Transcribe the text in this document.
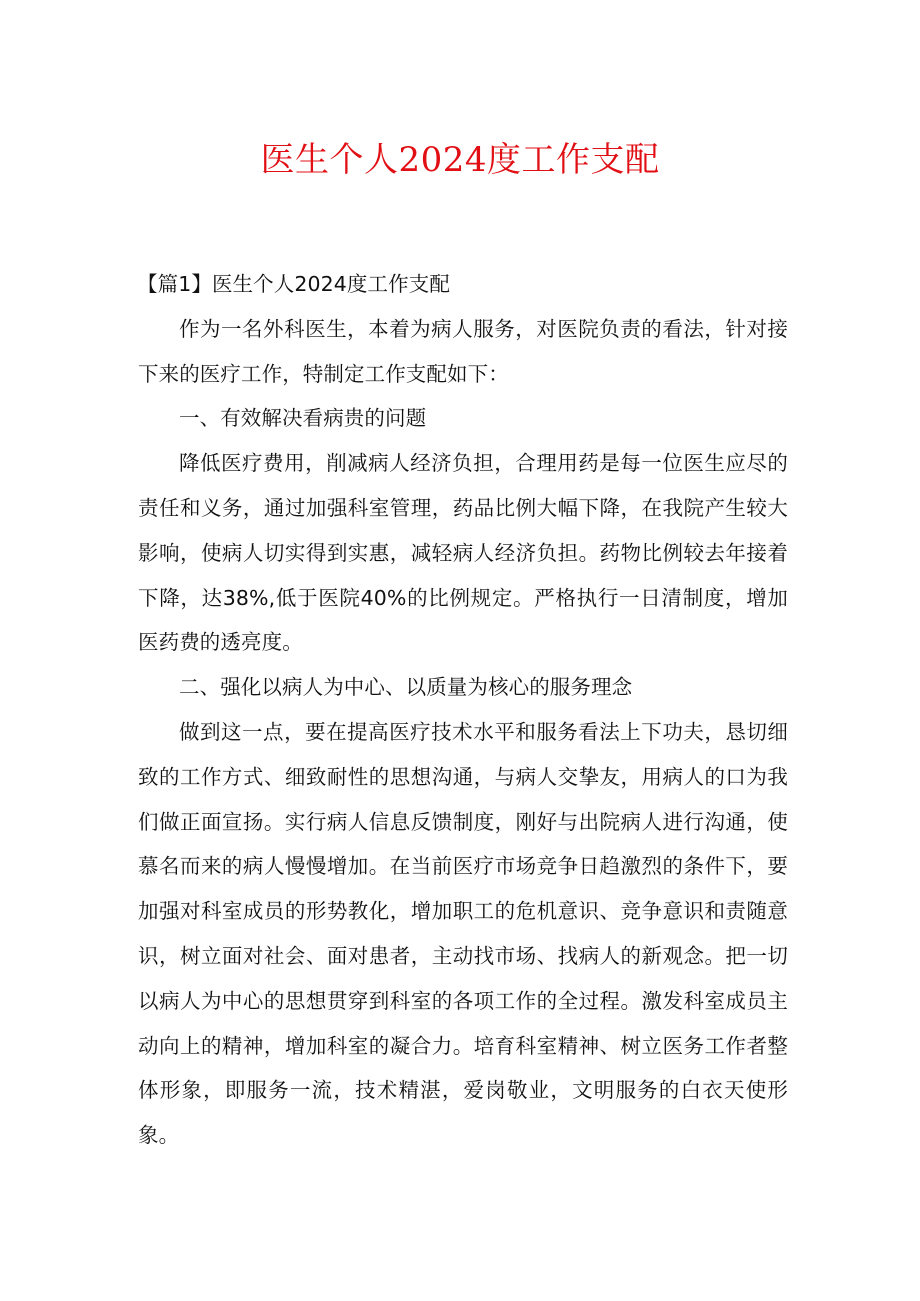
医生个人2024度工作支配

【篇1】医生个人2024度工作支配

作为一名外科医生，本着为病人服务，对医院负责的看法，针对接下来的医疗工作，特制定工作支配如下：

一、有效解决看病贵的问题

降低医疗费用，削减病人经济负担，合理用药是每一位医生应尽的责任和义务，通过加强科室管理，药品比例大幅下降，在我院产生较大影响，使病人切实得到实惠，减轻病人经济负担。药物比例较去年接着下降，达38%,低于医院40%的比例规定。严格执行一日清制度，增加医药费的透亮度。

二、强化以病人为中心、以质量为核心的服务理念

做到这一点，要在提高医疗技术水平和服务看法上下功夫，恳切细致的工作方式、细致耐性的思想沟通，与病人交挚友，用病人的口为我们做正面宣扬。实行病人信息反馈制度，刚好与出院病人进行沟通，使慕名而来的病人慢慢增加。在当前医疗市场竞争日趋激烈的条件下，要加强对科室成员的形势教化，增加职工的危机意识、竞争意识和责随意识，树立面对社会、面对患者，主动找市场、找病人的新观念。把一切以病人为中心的思想贯穿到科室的各项工作的全过程。激发科室成员主动向上的精神，增加科室的凝合力。培育科室精神、树立医务工作者整体形象，即服务一流，技术精湛，爱岗敬业，文明服务的白衣天使形象。
